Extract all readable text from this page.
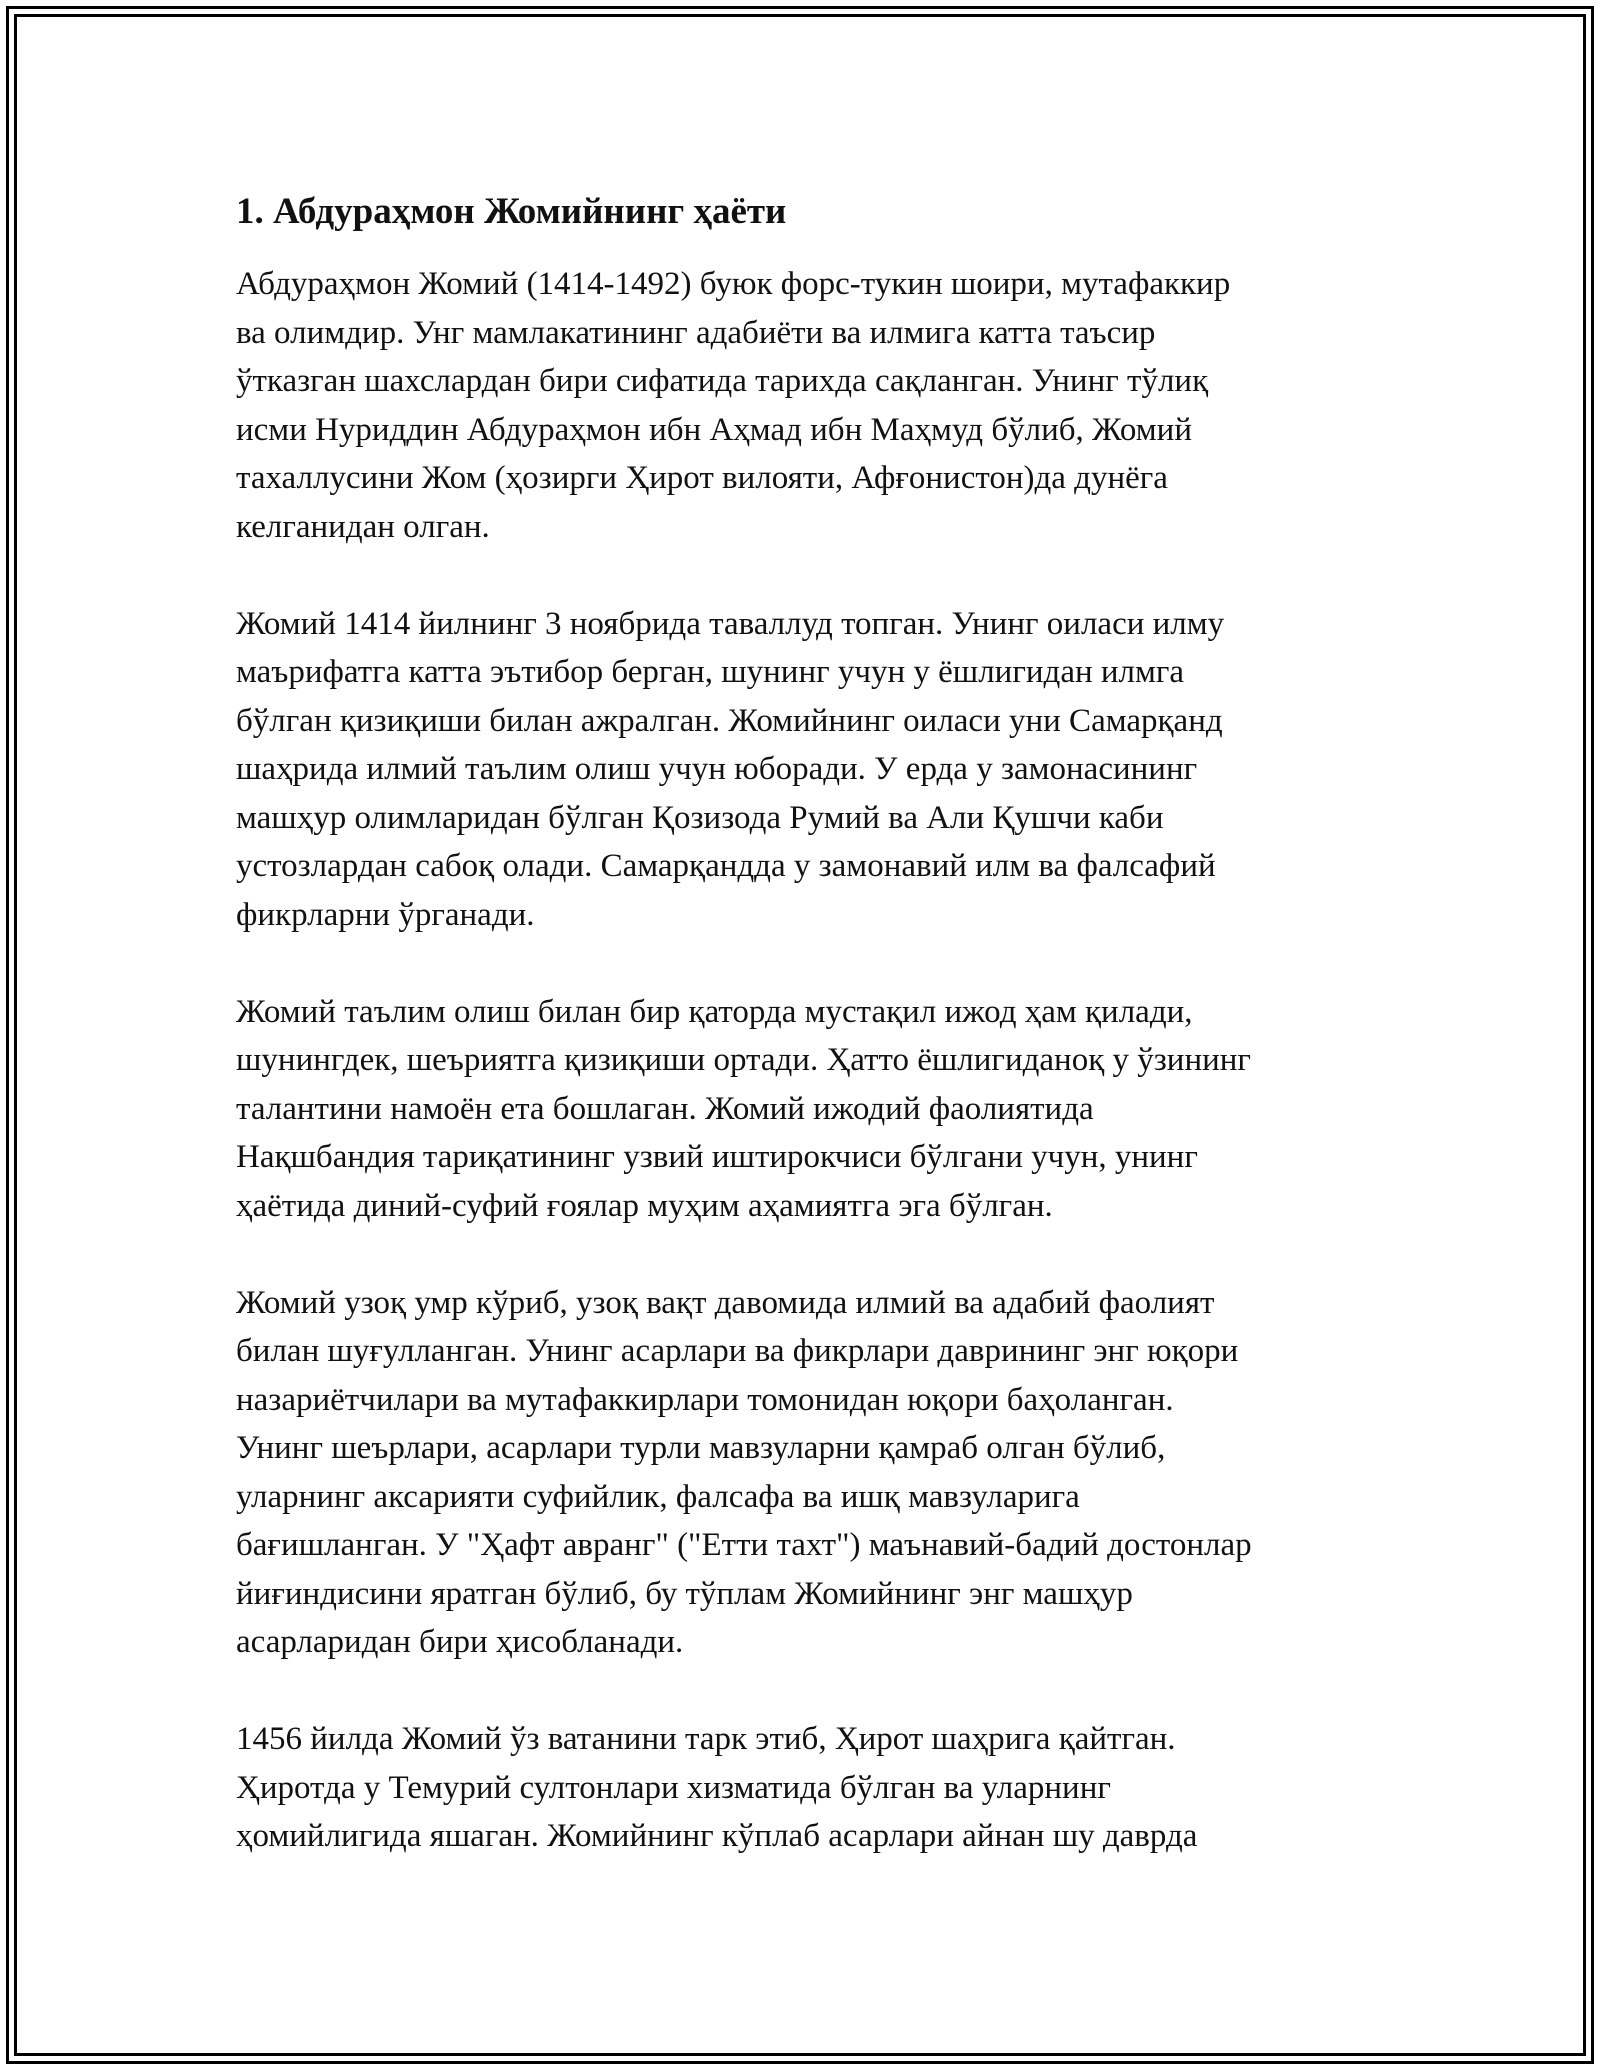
1. Абдураҳмон Жомийнинг ҳаёти

Абдураҳмон Жомий (1414-1492) буюк форс-тукин шоири, мутафаккир
ва олимдир. Унг мамлакатининг адабиёти ва илмига катта таъсир
ўтказган шахслардан бири сифатида тарихда сақланган. Унинг тўлиқ
исми Нуриддин Абдураҳмон ибн Аҳмад ибн Маҳмуд бўлиб, Жомий
тахаллусини Жом (ҳозирги Ҳирот вилояти, Афғонистон)да дунёга
келганидан олган.

Жомий 1414 йилнинг 3 ноябрида таваллуд топган. Унинг оиласи илму
маърифатга катта эътибор берган, шунинг учун у ёшлигидан илмга
бўлган қизиқиши билан ажралган. Жомийнинг оиласи уни Самарқанд
шаҳрида илмий таълим олиш учун юборади. У ерда у замонасининг
машҳур олимларидан бўлган Қозизода Румий ва Али Қушчи каби
устозлардан сабоқ олади. Самарқандда у замонавий илм ва фалсафий
фикрларни ўрганади.

Жомий таълим олиш билан бир қаторда мустақил ижод ҳам қилади,
шунингдек, шеъриятга қизиқиши ортади. Ҳатто ёшлигиданоқ у ўзининг
талантини намоён ета бошлаган. Жомий ижодий фаолиятида
Нақшбандия тариқатининг узвий иштирокчиси бўлгани учун, унинг
ҳаётида диний-суфий ғоялар муҳим аҳамиятга эга бўлган.

Жомий узоқ умр кўриб, узоқ вақт давомида илмий ва адабий фаолият
билан шуғулланган. Унинг асарлари ва фикрлари даврининг энг юқори
назариётчилари ва мутафаккирлари томонидан юқори баҳоланган.
Унинг шеърлари, асарлари турли мавзуларни қамраб олган бўлиб,
уларнинг аксарияти суфийлик, фалсафа ва ишқ мавзуларига
бағишланган. У "Ҳафт авранг" ("Етти тахт") маънавий-бадий достонлар
йиғиндисини яратган бўлиб, бу тўплам Жомийнинг энг машҳур
асарларидан бири ҳисобланади.

1456 йилда Жомий ўз ватанини тарк этиб, Ҳирот шаҳрига қайтган.
Ҳиротда у Темурий султонлари хизматида бўлган ва уларнинг
ҳомийлигида яшаган. Жомийнинг кўплаб асарлари айнан шу даврда
